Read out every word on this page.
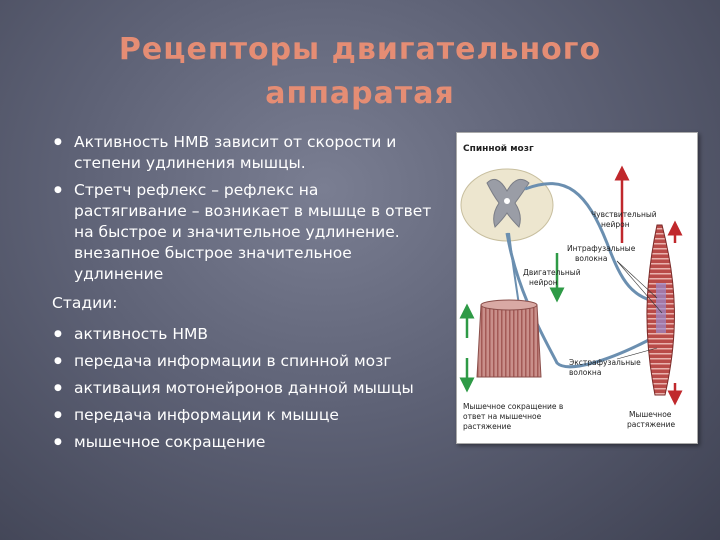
Рецепторы двигательного
аппаратая
● Активность НМВ зависит от скорости и степени удлинения мышцы.
● Стретч рефлекс – рефлекс на растягивание – возникает в мышце в ответ на быстрое и значительное удлинение. внезапное быстрое значительное удлинение
Стадии:
● активность НМВ
● передача информации в спинной мозг
● активация мотонейронов данной мышцы
● передача информации к мышце
● мышечное сокращение
Спинной мозг
Чувствительный
нейрон
Интрафузальные
волокна
Двигательный
нейрон
Экстрафузальные
волокна
Мышечное сокращение в
ответ на мышечное
растяжение
Мышечное
растяжение
